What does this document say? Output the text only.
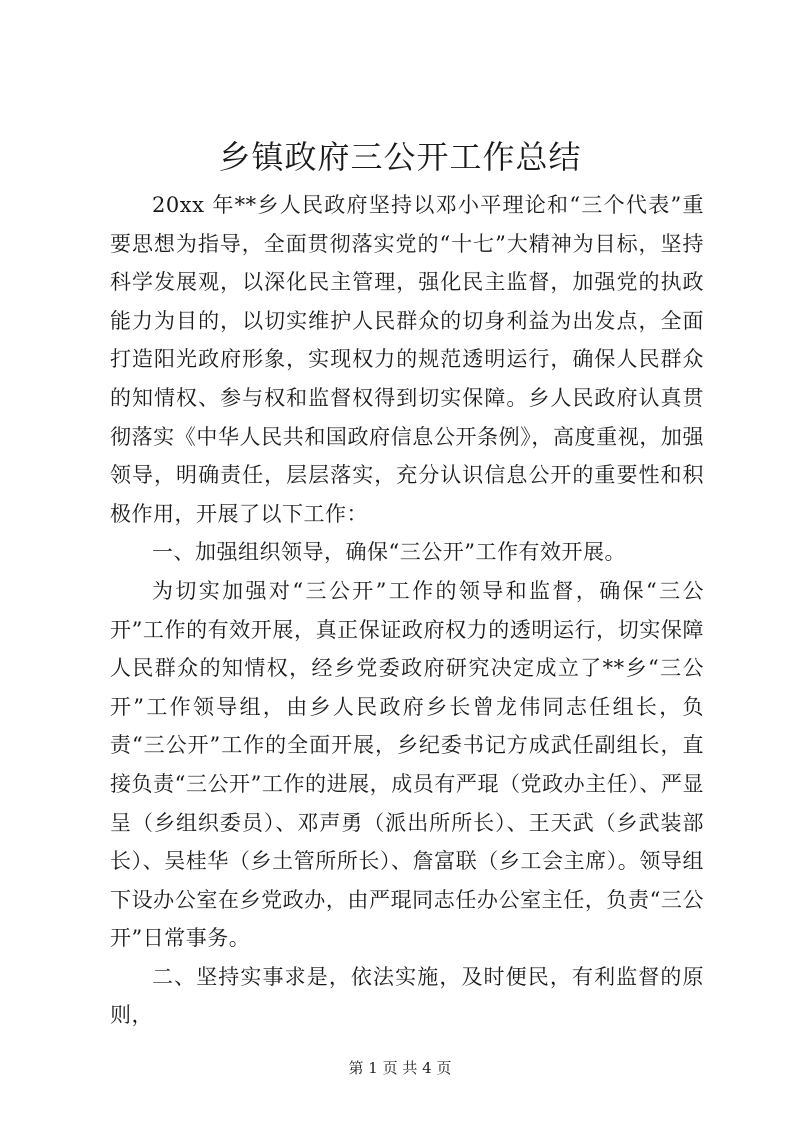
乡镇政府三公开工作总结

20xx 年**乡人民政府坚持以邓小平理论和“三个代表”重要思想为指导，全面贯彻落实党的“十七”大精神为目标，坚持科学发展观，以深化民主管理，强化民主监督，加强党的执政能力为目的，以切实维护人民群众的切身利益为出发点，全面打造阳光政府形象，实现权力的规范透明运行，确保人民群众的知情权、参与权和监督权得到切实保障。乡人民政府认真贯彻落实《中华人民共和国政府信息公开条例》，高度重视，加强领导，明确责任，层层落实，充分认识信息公开的重要性和积极作用，开展了以下工作：

一、加强组织领导，确保“三公开”工作有效开展。

为切实加强对“三公开”工作的领导和监督，确保“三公开”工作的有效开展，真正保证政府权力的透明运行，切实保障人民群众的知情权，经乡党委政府研究决定成立了**乡“三公开”工作领导组，由乡人民政府乡长曾龙伟同志任组长，负责“三公开”工作的全面开展，乡纪委书记方成武任副组长，直接负责“三公开”工作的进展，成员有严琨（党政办主任）、严显呈（乡组织委员）、邓声勇（派出所所长）、王天武（乡武装部长）、吴桂华（乡土管所所长）、詹富联（乡工会主席）。领导组下设办公室在乡党政办，由严琨同志任办公室主任，负责“三公开”日常事务。

二、坚持实事求是，依法实施，及时便民，有利监督的原则，

第 1 页 共 4 页
